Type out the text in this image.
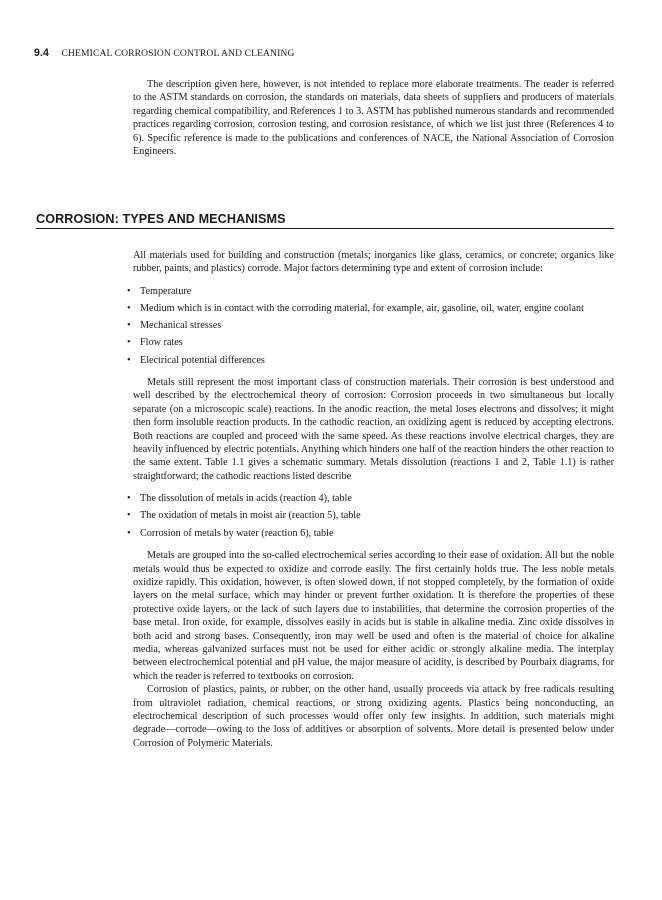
9.4 CHEMICAL CORROSION CONTROL AND CLEANING

The description given here, however, is not intended to replace more elaborate treatments. The reader is referred to the ASTM standards on corrosion, the standards on materials, data sheets of suppliers and producers of materials regarding chemical compatibility, and References 1 to 3. ASTM has published numerous standards and recommended practices regarding corrosion, corrosion testing, and corrosion resistance, of which we list just three (References 4 to 6). Specific reference is made to the publications and conferences of NACE, the National Association of Corrosion Engineers.

CORROSION: TYPES AND MECHANISMS

All materials used for building and construction (metals; inorganics like glass, ceramics, or concrete; organics like rubber, paints, and plastics) corrode. Major factors determining type and extent of corrosion include:

• Temperature
• Medium which is in contact with the corroding material, for example, air, gasoline, oil, water, engine coolant
• Mechanical stresses
• Flow rates
• Electrical potential differences

Metals still represent the most important class of construction materials. Their corrosion is best understood and well described by the electrochemical theory of corrosion: Corrosion proceeds in two simultaneous but locally separate (on a microscopic scale) reactions. In the anodic reaction, the metal loses electrons and dissolves; it might then form insoluble reaction products. In the cathodic reaction, an oxidizing agent is reduced by accepting electrons. Both reactions are coupled and proceed with the same speed. As these reactions involve electrical charges, they are heavily influenced by electric potentials. Anything which hinders one half of the reaction hinders the other reaction to the same extent. Table 1.1 gives a schematic summary. Metals dissolution (reactions 1 and 2, Table 1.1) is rather straightforward; the cathodic reactions listed describe

• The dissolution of metals in acids (reaction 4), table
• The oxidation of metals in moist air (reaction 5), table
• Corrosion of metals by water (reaction 6), table

Metals are grouped into the so-called electrochemical series according to their ease of oxidation. All but the noble metals would thus be expected to oxidize and corrode easily. The first certainly holds true. The less noble metals oxidize rapidly. This oxidation, however, is often slowed down, if not stopped completely, by the formation of oxide layers on the metal surface, which may hinder or prevent further oxidation. It is therefore the properties of these protective oxide layers, or the lack of such layers due to instabilities, that determine the corrosion properties of the base metal. Iron oxide, for example, dissolves easily in acids but is stable in alkaline media. Zinc oxide dissolves in both acid and strong bases. Consequently, iron may well be used and often is the material of choice for alkaline media, whereas galvanized surfaces must not be used for either acidic or strongly alkaline media. The interplay between electrochemical potential and pH value, the major measure of acidity, is described by Pourbaix diagrams, for which the reader is referred to textbooks on corrosion.

Corrosion of plastics, paints, or rubber, on the other hand, usually proceeds via attack by free radicals resulting from ultraviolet radiation, chemical reactions, or strong oxidizing agents. Plastics being nonconducting, an electrochemical description of such processes would offer only few insights. In addition, such materials might degrade—corrode—owing to the loss of additives or absorption of solvents. More detail is presented below under Corrosion of Polymeric Materials.
